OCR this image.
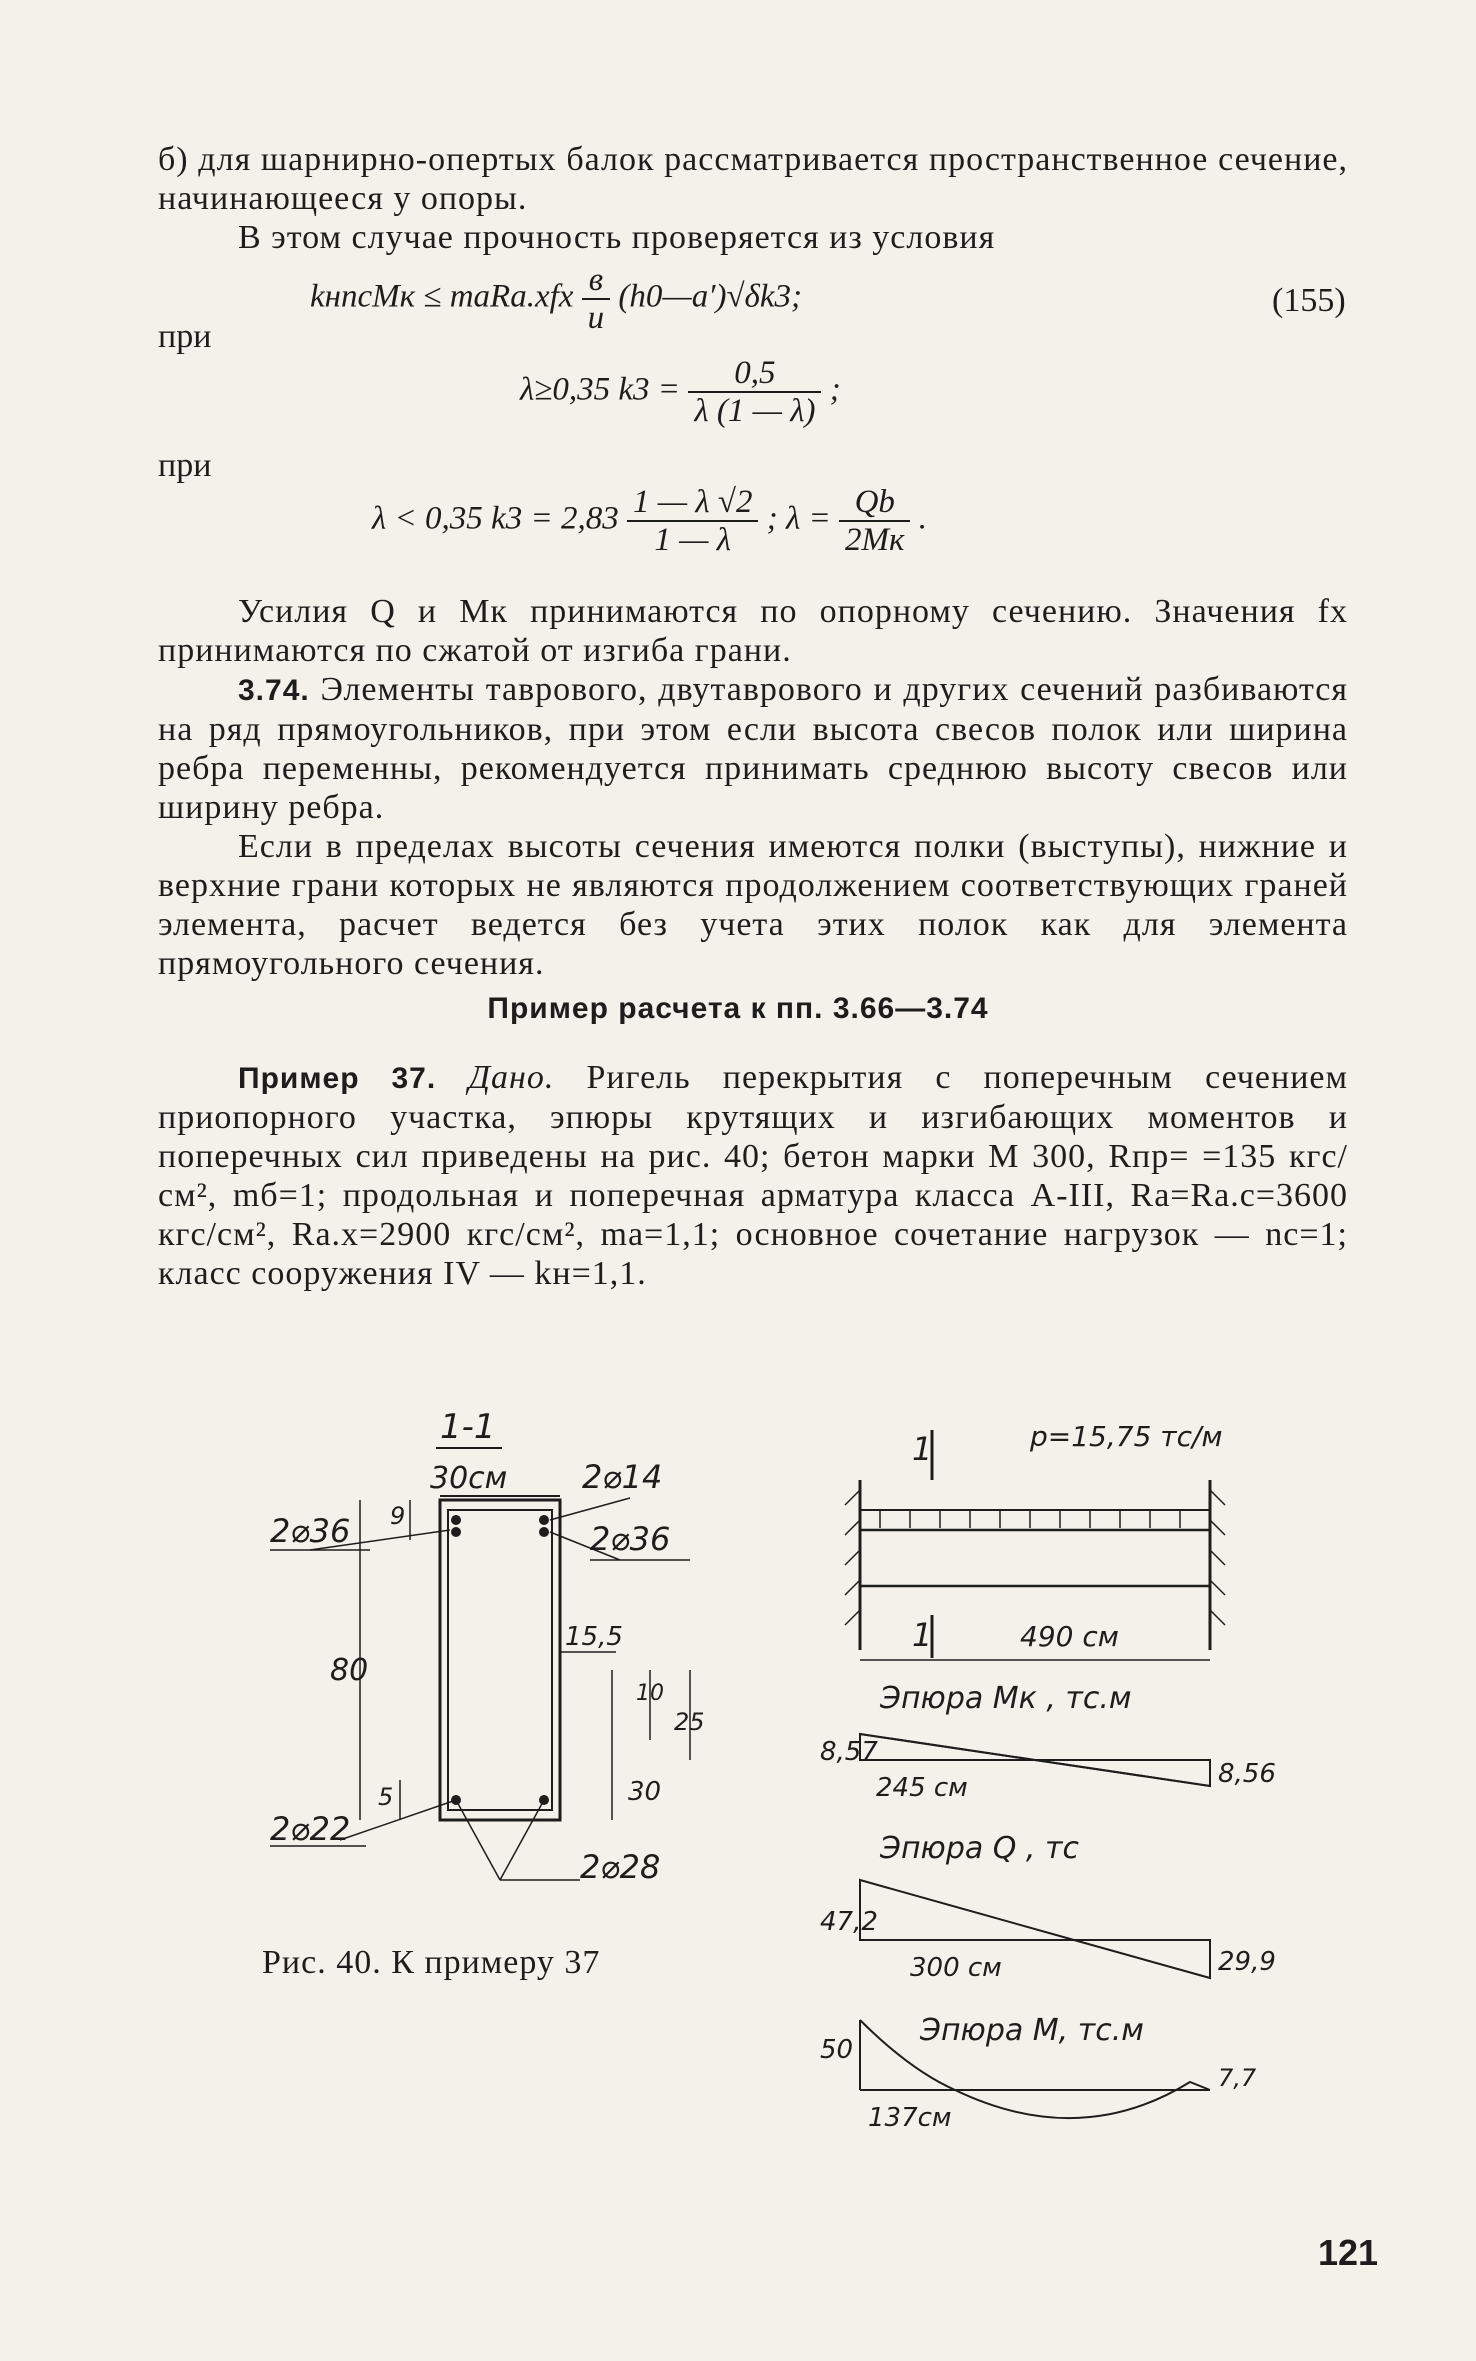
б) для шарнирно-опертых балок рассматривается пространственное сечение, начинающееся у опоры.

В этом случае прочность проверяется из условия

kнncMк ≤ maRa.xfx $\frac{в}{u}$ (h0—a′)√δk3;	(155)
при
λ≥0,35 $k3 = \frac{0,5}{\lambda (1 — \lambda)}$ ;
при
λ < 0,35 $k3 = 2,83 \frac{1 — \lambda √2}{1 — \lambda}$ ; $\lambda = \frac{Qb}{2Mк}$ .

Усилия Q и Mк принимаются по опорному сечению. Значения fx принимаются по сжатой от изгиба грани.

3.74. Элементы таврового, двутаврового и других сечений разбиваются на ряд прямоугольников, при этом если высота свесов полок или ширина ребра переменны, рекомендуется принимать среднюю высоту свесов или ширину ребра.

Если в пределах высоты сечения имеются полки (выступы), нижние и верхние грани которых не являются продолжением соответствующих граней элемента, расчет ведется без учета этих полок как для элемента прямоугольного сечения.

Пример расчета к пп. 3.66—3.74

Пример 37. Дано. Ригель перекрытия с поперечным сечением приопорного участка, эпюры крутящих и изгибающих моментов и поперечных сил приведены на рис. 40; бетон марки М 300, Rпр= =135 кгс/см², mб=1; продольная и поперечная арматура класса А-III, Ra=Ra.c=3600 кгс/см², Ra.x=2900 кгс/см², ma=1,1; основное сочетание нагрузок — nc=1; класс сооружения IV — kн=1,1.

1-1
30см 2⌀14
2⌀36	2⌀36
9
80
5
15,5
10
25
30
2⌀22
2⌀28
Рис. 40. К примеру 37
1	p=15,75 тс/м
1	490 см
Эпюра Mк , тс.м
8,57
8,56
245 см
Эпюра Q , тс
47,2
29,9
300 см
Эпюра M, тс.м
50
7,7
137см
121
